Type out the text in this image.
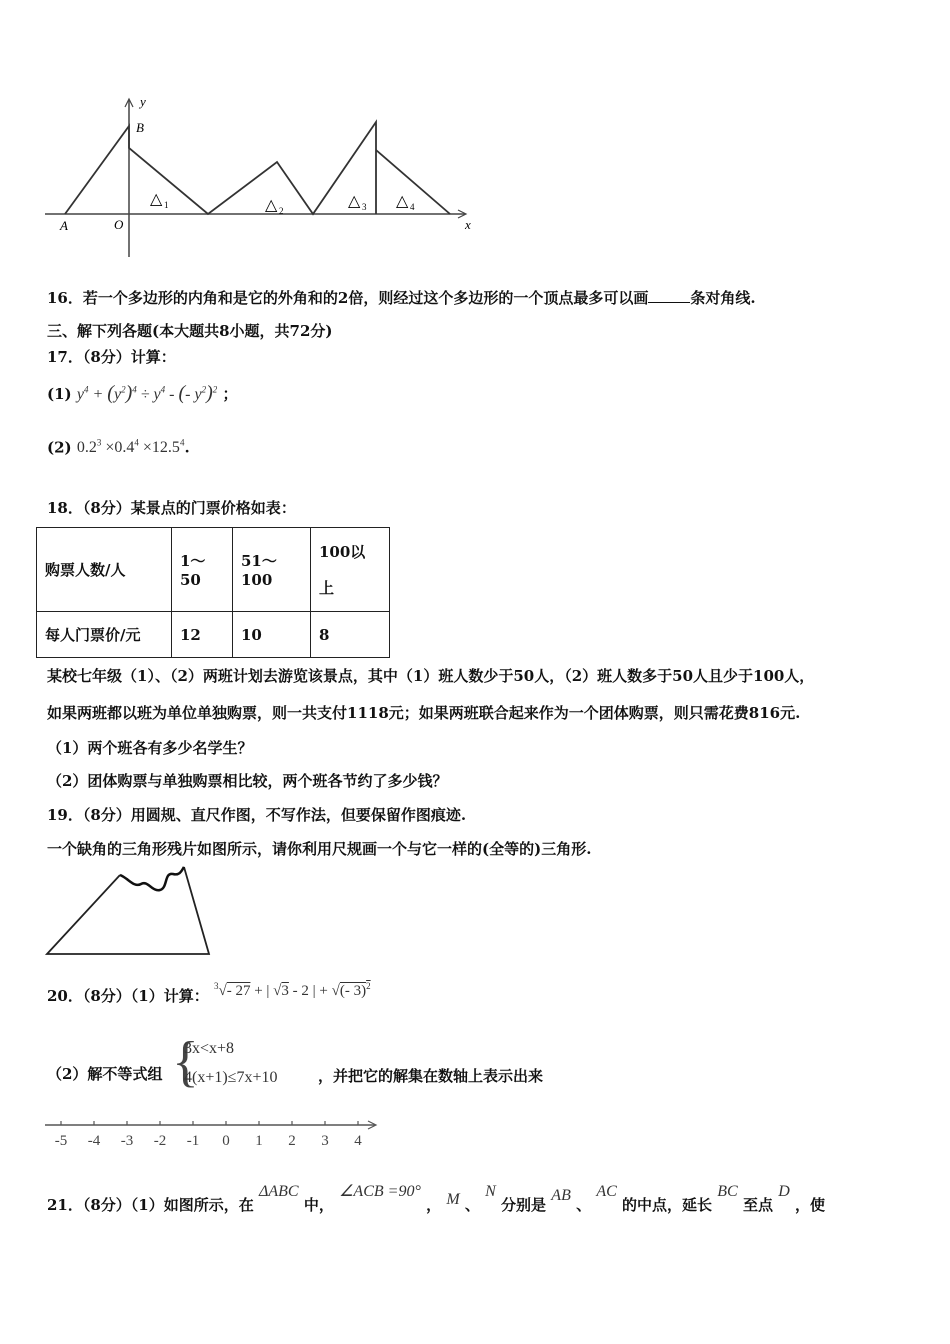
y
x
B
O
A
△ 1	△ 2
△ 3 △ 4
16．若一个多边形的内角和是它的外角和的2倍，则经过这个多边形的一个顶点最多可以画	条对角线.
三、解下列各题(本大题共8小题，共72分)
17．（8分）计算：
(1) $y^4 + (y^2)^4 \div y^4$ - (- $y^2)^2$ ；
(2) $0.2^3 \times 0.4^4 \times 12.5^4$.
18．（8分）某景点的门票价格如表：
购票人数/人	1～50	51～100	100以
上
每人门票价/元	12	10	8
某校七年级（1）、（2）两班计划去游览该景点，其中（1）班人数少于50人，（2）班人数多于50人且少于100人，
如果两班都以班为单位单独购票，则一共支付1118元；如果两班联合起来作为一个团体购票，则只需花费816元.
（1）两个班各有多少名学生？
（2）团体购票与单独购票相比较，两个班各节约了多少钱？
19．（8分）用圆规、直尺作图，不写作法，但要保留作图痕迹.
一个缺角的三角形残片如图所示，请你利用尺规画一个与它一样的(全等的)三角形.
20．（8分）（1）计算： $^3$√- 27 + | √3 - 2 | + √(- 3)$^2$
（2）解不等式组 {
3x<x+8
4(x+1)≤7x+10	，并把它的解集在数轴上表示出来
-5 -4 -3 -2 -1 0 1 2 3 4
21．（8分）（1）如图所示，在 ΔABC 中， ∠ACB =90° ， M 、 N 分别是 AB 、 AC 的中点，延长 BC 至点 D ，使
